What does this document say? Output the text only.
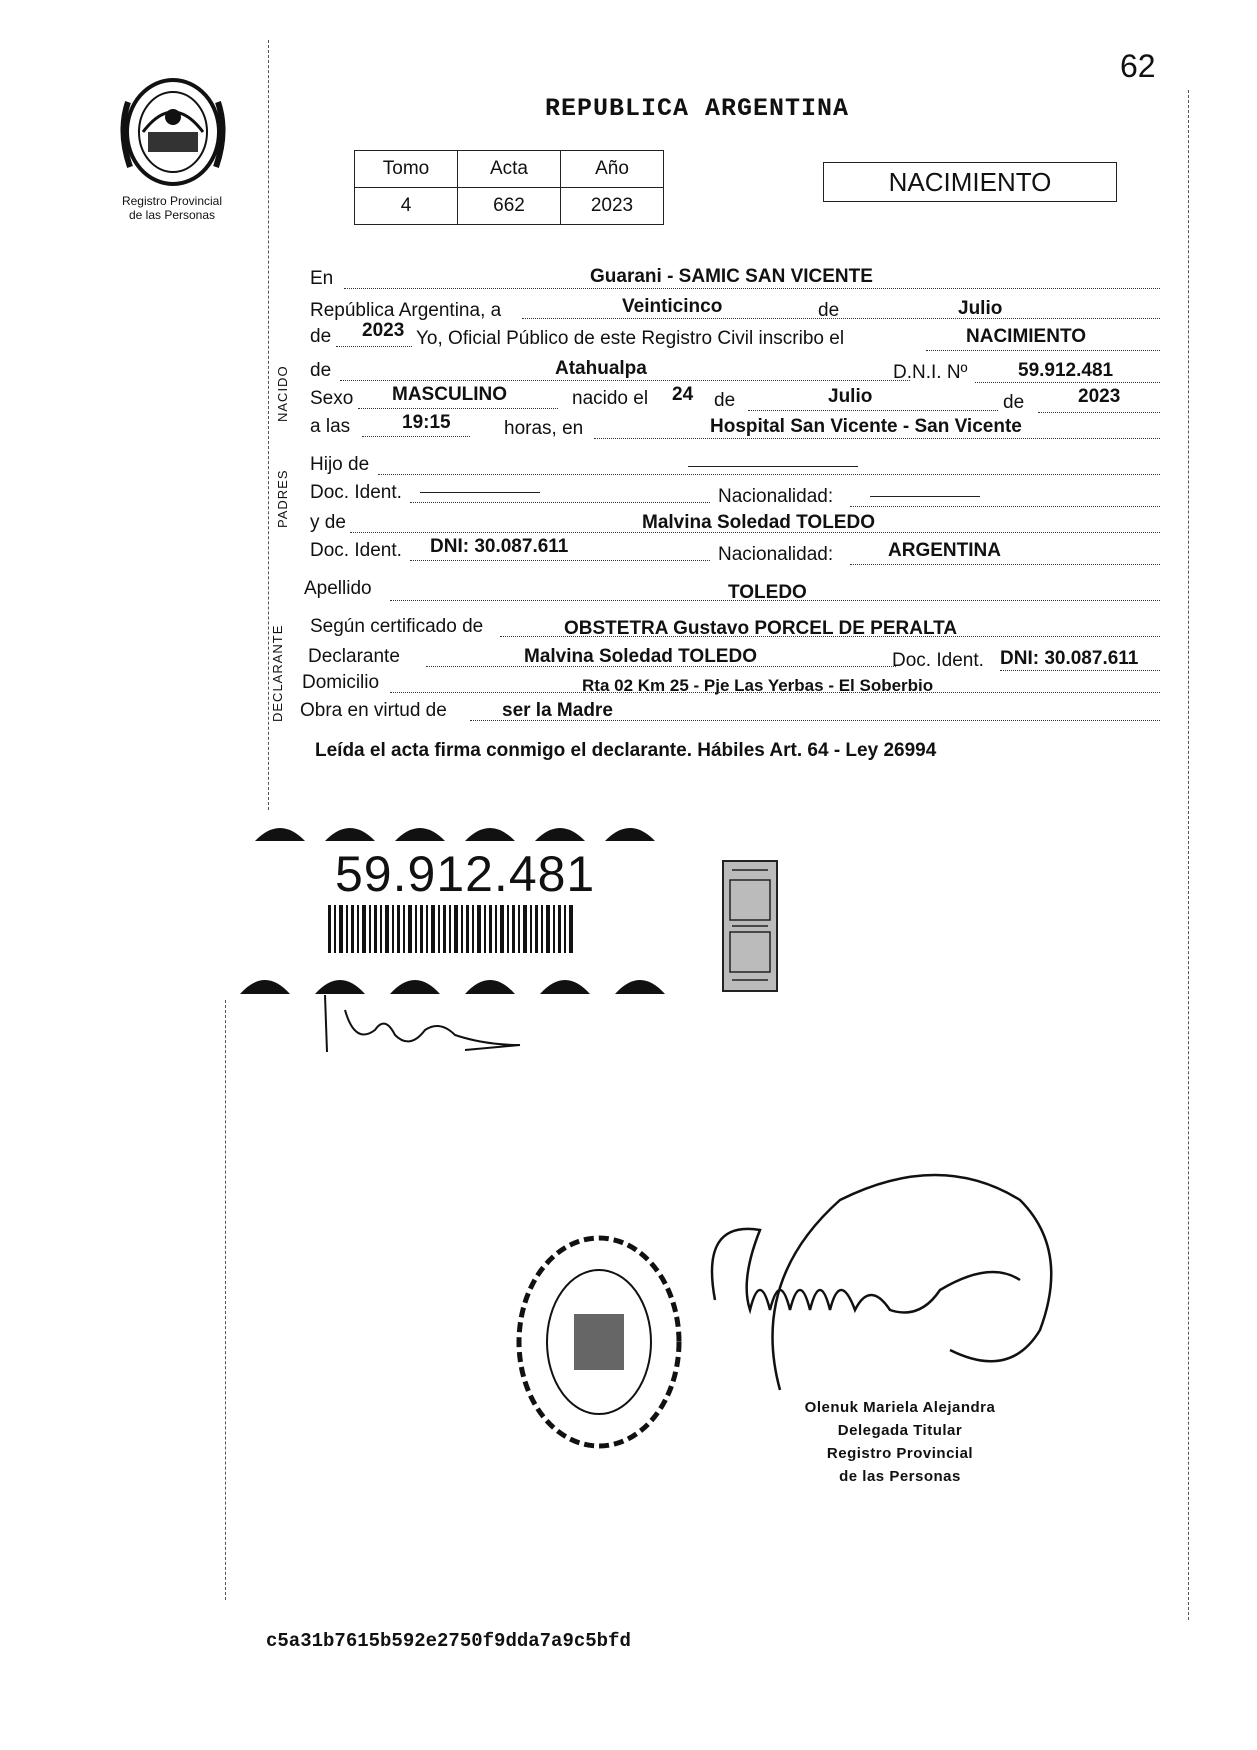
62
REPUBLICA ARGENTINA
Registro Provincial
de las Personas
Tomo	Acta	Año
4	662	2023
NACIMIENTO
NACIDO
PADRES
DECLARANTE
En	Guarani - SAMIC SAN VICENTE
República Argentina, a	Veinticinco	de	Julio
de 2023 Yo, Oficial Público de este Registro Civil inscribo el	NACIMIENTO
de	Atahualpa	D.N.I. Nº	59.912.481
Sexo MASCULINO	nacido el 24 de	Julio	de	2023
a las	19:15	horas, en	Hospital San Vicente - San Vicente
Hijo de
Doc. Ident.	Nacionalidad:
y de	Malvina Soledad TOLEDO
Doc. Ident. DNI: 30.087.611	Nacionalidad:	ARGENTINA
Apellido	TOLEDO
Según certificado de	OBSTETRA Gustavo PORCEL DE PERALTA
Declarante	Malvina Soledad TOLEDO	Doc. Ident. DNI: 30.087.611
Domicilio	Rta 02 Km 25 - Pje Las Yerbas - El Soberbio
Obra en virtud de	ser la Madre
Leída el acta firma conmigo el declarante. Hábiles Art. 64 - Ley 26994
59.912.481
Olenuk Mariela Alejandra
Delegada Titular
Registro Provincial
de las Personas
c5a31b7615b592e2750f9dda7a9c5bfd
